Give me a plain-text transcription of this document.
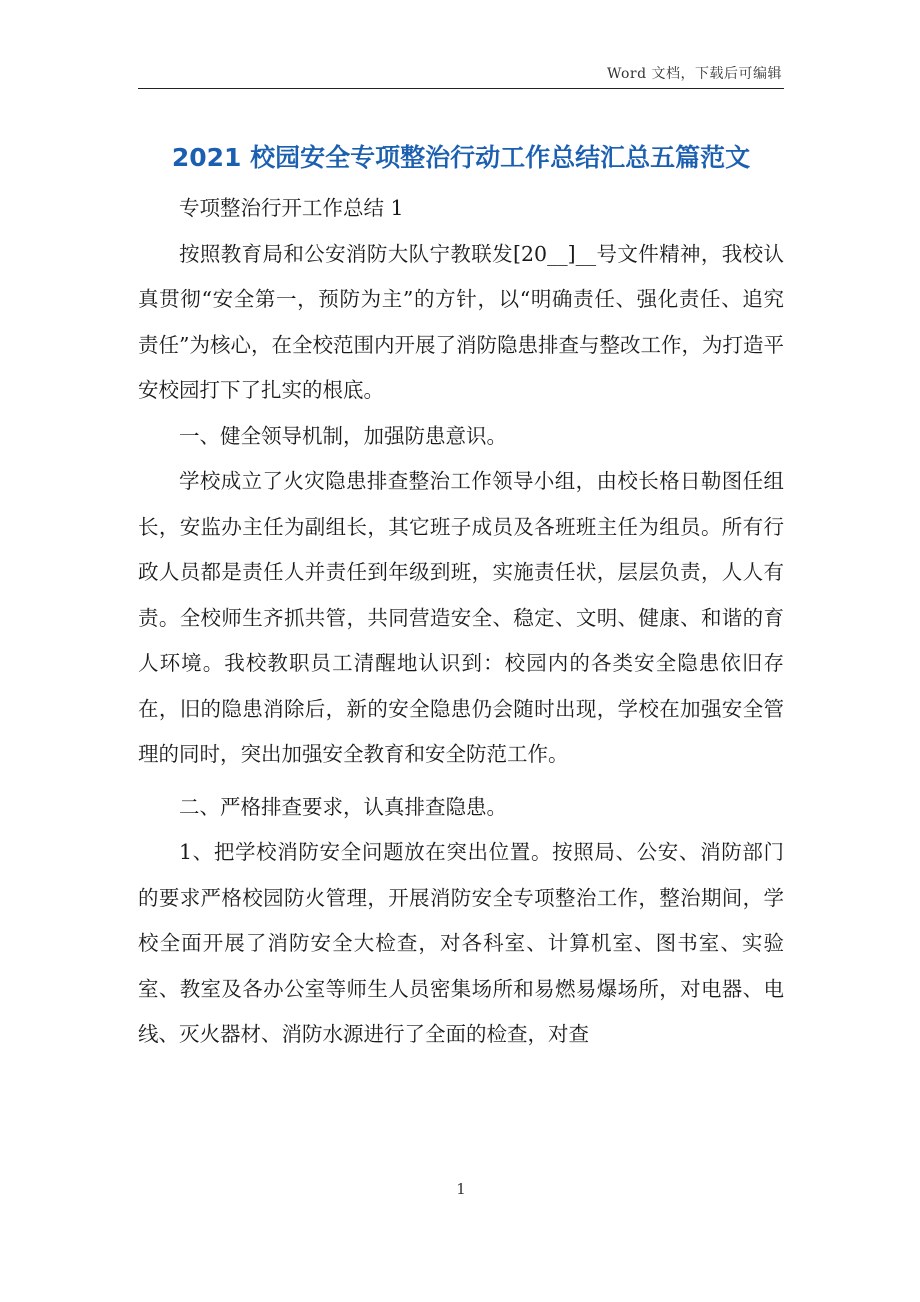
Word 文档，下载后可编辑
2021 校园安全专项整治行动工作总结汇总五篇范文

专项整治行开工作总结 1

按照教育局和公安消防大队宁教联发[20__]__号文件精神，我校认真贯彻“安全第一，预防为主”的方针，以“明确责任、强化责任、追究责任”为核心，在全校范围内开展了消防隐患排查与整改工作，为打造平安校园打下了扎实的根底。

一、健全领导机制，加强防患意识。

学校成立了火灾隐患排查整治工作领导小组，由校长格日勒图任组长，安监办主任为副组长，其它班子成员及各班班主任为组员。所有行政人员都是责任人并责任到年级到班，实施责任状，层层负责，人人有责。全校师生齐抓共管，共同营造安全、稳定、文明、健康、和谐的育人环境。我校教职员工清醒地认识到：校园内的各类安全隐患依旧存在，旧的隐患消除后，新的安全隐患仍会随时出现，学校在加强安全管理的同时，突出加强安全教育和安全防范工作。

二、严格排查要求，认真排查隐患。

1、把学校消防安全问题放在突出位置。按照局、公安、消防部门的要求严格校园防火管理，开展消防安全专项整治工作，整治期间，学校全面开展了消防安全大检查，对各科室、计算机室、图书室、实验室、教室及各办公室等师生人员密集场所和易燃易爆场所，对电器、电线、灭火器材、消防水源进行了全面的检查，对查

1
